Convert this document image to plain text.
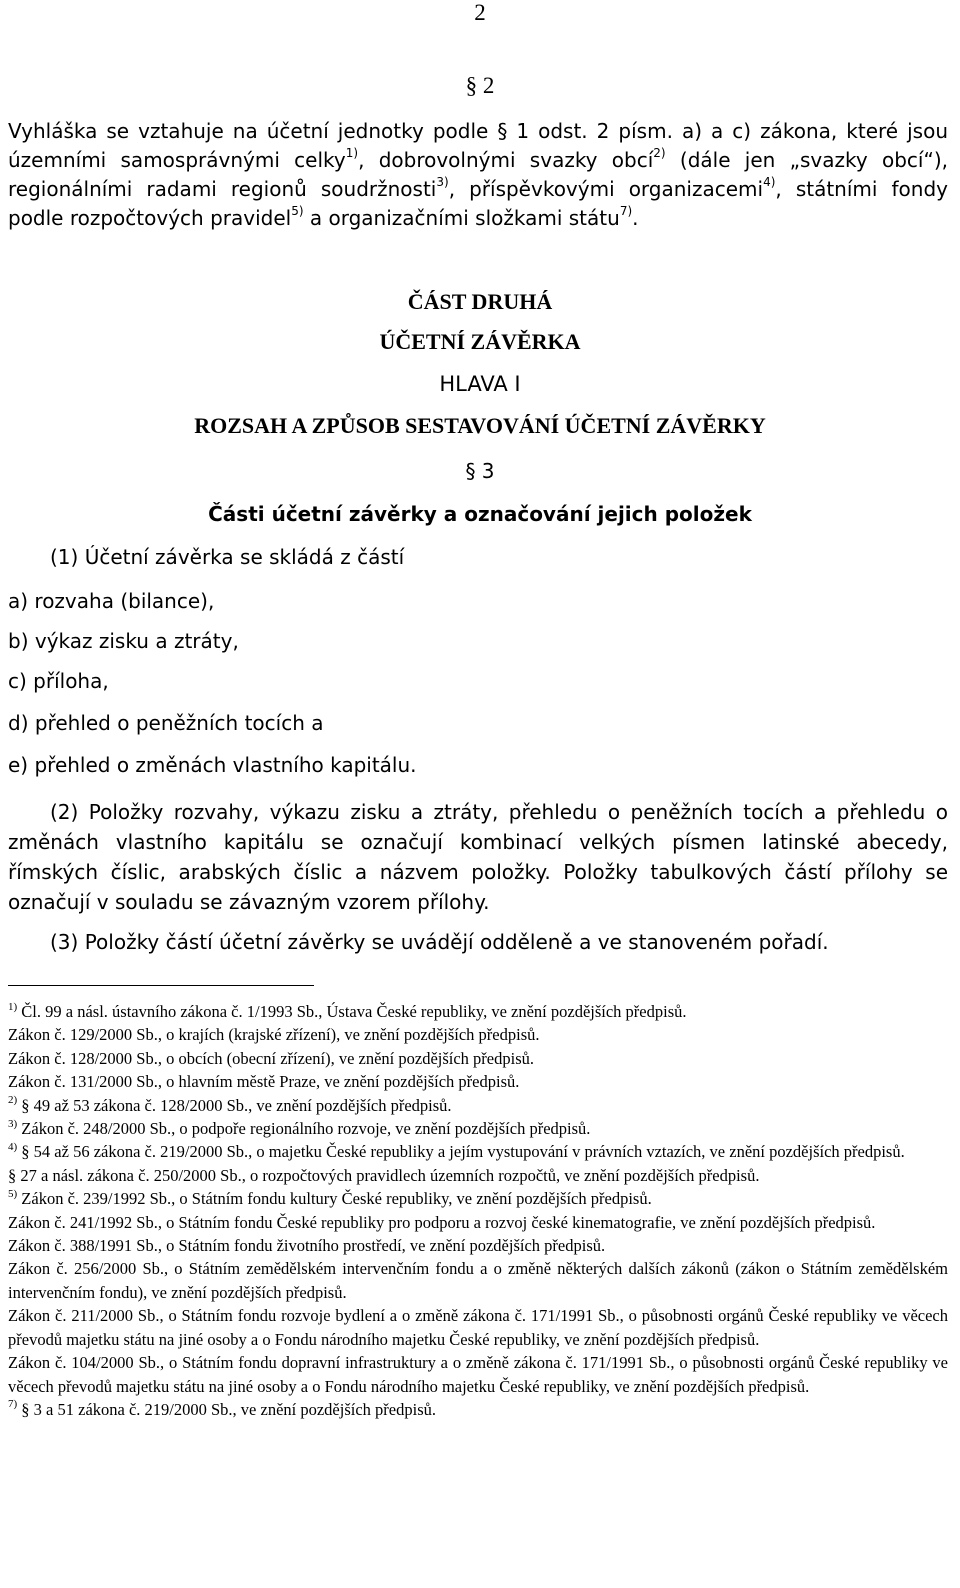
2
§ 2
Vyhláška se vztahuje na účetní jednotky podle § 1 odst. 2 písm. a) a c) zákona, které jsou územními samosprávnými celky$^{1)}$, dobrovolnými svazky obcí$^{2)}$ (dále jen „svazky obcí“), regionálními radami regionů soudržnosti$^{3)}$, příspěvkovými organizacemi$^{4)}$, státními fondy podle rozpočtových pravidel$^{5)}$ a organizačními složkami státu$^{7)}$.
ČÁST DRUHÁ
ÚČETNÍ ZÁVĚRKA
HLAVA I
ROZSAH A ZPŮSOB SESTAVOVÁNÍ ÚČETNÍ ZÁVĚRKY
§ 3
Části účetní závěrky a označování jejich položek
(1) Účetní závěrka se skládá z částí
a) rozvaha (bilance),
b) výkaz zisku a ztráty,
c) příloha,
d) přehled o peněžních tocích a
e) přehled o změnách vlastního kapitálu.
(2) Položky rozvahy, výkazu zisku a ztráty, přehledu o peněžních tocích a přehledu o změnách vlastního kapitálu se označují kombinací velkých písmen latinské abecedy, římských číslic, arabských číslic a názvem položky. Položky tabulkových částí přílohy se označují v souladu se závazným vzorem přílohy.
(3) Položky částí účetní závěrky se uvádějí odděleně a ve stanoveném pořadí.

$^{1)}$ Čl. 99 a násl. ústavního zákona č. 1/1993 Sb., Ústava České republiky, ve znění pozdějších předpisů.

Zákon č. 129/2000 Sb., o krajích (krajské zřízení), ve znění pozdějších předpisů.

Zákon č. 128/2000 Sb., o obcích (obecní zřízení), ve znění pozdějších předpisů.

Zákon č. 131/2000 Sb., o hlavním městě Praze, ve znění pozdějších předpisů.

$^{2)}$ § 49 až 53 zákona č. 128/2000 Sb., ve znění pozdějších předpisů.

$^{3)}$ Zákon č. 248/2000 Sb., o podpoře regionálního rozvoje, ve znění pozdějších předpisů.

$^{4)}$ § 54 až 56 zákona č. 219/2000 Sb., o majetku České republiky a jejím vystupování v právních vztazích, ve znění pozdějších předpisů.

§ 27 a násl. zákona č. 250/2000 Sb., o rozpočtových pravidlech územních rozpočtů, ve znění pozdějších předpisů.

$^{5)}$ Zákon č. 239/1992 Sb., o Státním fondu kultury České republiky, ve znění pozdějších předpisů.

Zákon č. 241/1992 Sb., o Státním fondu České republiky pro podporu a rozvoj české kinematografie, ve znění pozdějších předpisů.

Zákon č. 388/1991 Sb., o Státním fondu životního prostředí, ve znění pozdějších předpisů.

Zákon č. 256/2000 Sb., o Státním zemědělském intervenčním fondu a o změně některých dalších zákonů (zákon o Státním zemědělském intervenčním fondu), ve znění pozdějších předpisů.

Zákon č. 211/2000 Sb., o Státním fondu rozvoje bydlení a o změně zákona č. 171/1991 Sb., o působnosti orgánů České republiky ve věcech převodů majetku státu na jiné osoby a o Fondu národního majetku České republiky, ve znění pozdějších předpisů.

Zákon č. 104/2000 Sb., o Státním fondu dopravní infrastruktury a o změně zákona č. 171/1991 Sb., o působnosti orgánů České republiky ve věcech převodů majetku státu na jiné osoby a o Fondu národního majetku České republiky, ve znění pozdějších předpisů.

$^{7)}$ § 3 a 51 zákona č. 219/2000 Sb., ve znění pozdějších předpisů.
